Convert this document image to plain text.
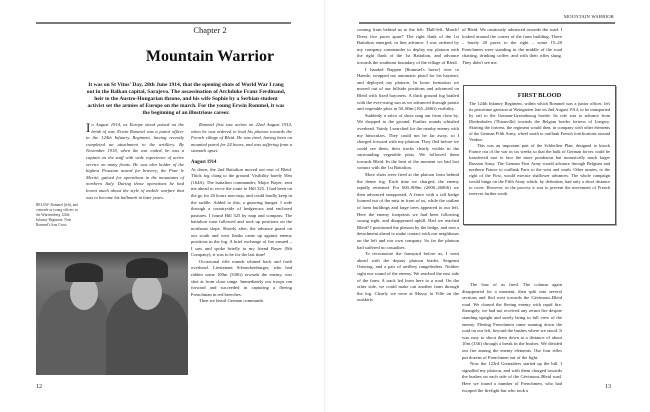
Chapter 2
Mountain Warrior
It was on St Vitus' Day, 28th June 1914, that the opening shots of World War I rang out in the Balkan capital, Sarajevo. The assassination of Archduke Franz Ferdinand, heir to the Austro-Hungarian throne, and his wife Sophie by a Serbian student activist set the armies of Europe on the march. For the young Erwin Rommel, it was the beginning of an illustrious career.

In August 1914, as Europe stood poised on the brink of war, Erwin Rommel was a junior officer in the 124th Infantry Regiment, having recently completed an attachment to the artillery. By November 1918, when the war ended, he was a captain on the staff with wide experience of active service on many fronts. He was also holder of the highest Prussian award for bravery, the Pour le Merité, gained for operations in the mountains of northern Italy. During those operations he had learnt much about the style of mobile warfare that was to become his hallmark in later years.

Rommel first saw action on 22nd August 1914, when he was ordered to lead his platoon towards the French village of Bleid. He was tired, having been on mounted patrol for 24 hours, and was suffering from a stomach upset.

August 1914

At dawn, the 2nd Battalion moved out east of Bleid. Thick fog clung to the ground. Visibility barely 50m (164ft). The battalion commander, Major Bayer, sent me ahead to recce the route to Hill 325. I had been on the go for 20 hours non-stop, and could hardly keep in the saddle. Added to this, a gnawing hunger. I rode through a countryside of hedgerows and enclosed pastures. I found Hill 325 by map and compass. The battalion soon followed and took up positions on the northeast slope. Shortly after, the advance guard on our south and west flanks came up against enemy positions in the fog. A brief exchange of fire ensued – I saw and spoke briefly to my friend Bayer (9th Company); it was to be for the last time!

Occasional rifle rounds whined back and forth overhead. Lieutenant Schneckenburger, who had ridden some 100m (330ft) towards the enemy, was shot at from close range. Immediately our troops ran forward and succeeded in capturing a fleeing Frenchman in red breeches.

Then we heard German commands

BELOW: Rommel (left), and comrade as young officers in the Württemberg 124th Infantry Regiment. Note Rommel's Iron Cross.
12
MOUNTAIN WARRIOR

coming from behind us to the left: 'Half-left, March! Dress five paces apart!' The right flank of the 1st Battalion emerged, in line advance. I was ordered by my company commander to deploy my platoon with the right flank of the 1st Battalion, and advance towards the southeast boundary of the village of Bleid.

I handed Rappen [Rommel's horse] over to Haenle, swapped my automatic pistol for his bayonet, and deployed my platoon. In loose formation we moved out of our hillside positions and advanced on Bleid with fixed bayonets. A thick ground fog battled with the ever-rising sun as we advanced through potato and vegetable plots in 50–80m (165–260ft) visibility.

Suddenly a salvo of shots rang out from close by. We dropped to the ground. Further rounds whistled overhead. Vainly I searched for the nearby enemy with my binoculars. They could not be far away, so I charged forward with my platoon. They fled before we could see them, their tracks clearly visible in the surrounding vegetable plots. We followed them towards Bleid. In the heat of the moment we had lost contact with the 1st Battalion.

More shots were fired at the platoon from behind the dense fog. Each time we charged, the enemy rapidly retreated. For 600–800m (2000–2600ft) we then advanced unopposed. A fence with a tall hedge loomed out of the mist in front of us, while the outline of farm buildings and large trees appeared to our left. Here the enemy footprints we had been following swung right, and disappeared uphill. Had we reached Bleid? I positioned the platoon by the hedge, and sent a detachment ahead to make contact with our neighbours on the left and our own company. So far the platoon had suffered no casualties.

To reconnoitre the farmyard before us, I went ahead with the deputy platoon leader, Sergeant Ostertag, and a pair of artillery rangefinders. Neither sight nor sound of the enemy. We reached the east side of the farm. A track led from here to a road. On the other side, we could make out another farm through the fog. Clearly we were at Mussy la Ville on the outskirts

of Bleid. We cautiously advanced towards the road. I looked around the corner of the farm building. There – barely 20 paces to the right – some 15–20 Frenchmen were standing in the middle of the road chatting, drinking coffee, and with their rifles slung. They didn't see me.

FIRST BLOOD

The 124th Infantry Regiment, within which Rommel was a junior officer, left its peacetime garrison at Weingarten late on 2nd August 1914, to be transported by rail to the German-Luxembourg border. Its role was to advance from Diedenhofen (Thionville) towards the Belgian border fortress of Longwy. Skirting the fortress, the regiment would then, in company with other elements of the German Fifth Army, wheel south to outflank French fortifications around Verdun.

This was an important part of the Schlieffen Plan, designed to knock France out of the war in six weeks so that the bulk of German forces could be transferred east to face the more ponderous but numerically much larger Russian Army. The German First Army would advance through Belgium and northern France to outflank Paris to the west and south. Other armies, to the right of the First, would execute shallower advances. The whole campaign would hinge on the Fifth Army which, by definition, had only a short distance to cover. However, in the process it was to prevent the movement of French reserves further south.

The four of us fired. The column again disappeared for a moment, then split into several sections and fled west towards the Gévimont–Bleid road. We chased the fleeing enemy with rapid fire. Strangely, we had not received any return fire despite standing upright and surely being in full view of the enemy. Fleeing Frenchmen came running down the road on our left, beyond the bushes where we stood. It was easy to shoot them down at a distance of about 10m (33ft) through a break in the bushes. We divided our fire among the enemy elements. Our four rifles put dozens of Frenchmen out of the fight.

Now the 123rd Grenadiers started up the hill. I signalled my platoon, and with them charged towards the bushes on each side of the Gévimont–Bleid road. Here we found a number of Frenchmen, who had escaped the firefight but who took a	13
